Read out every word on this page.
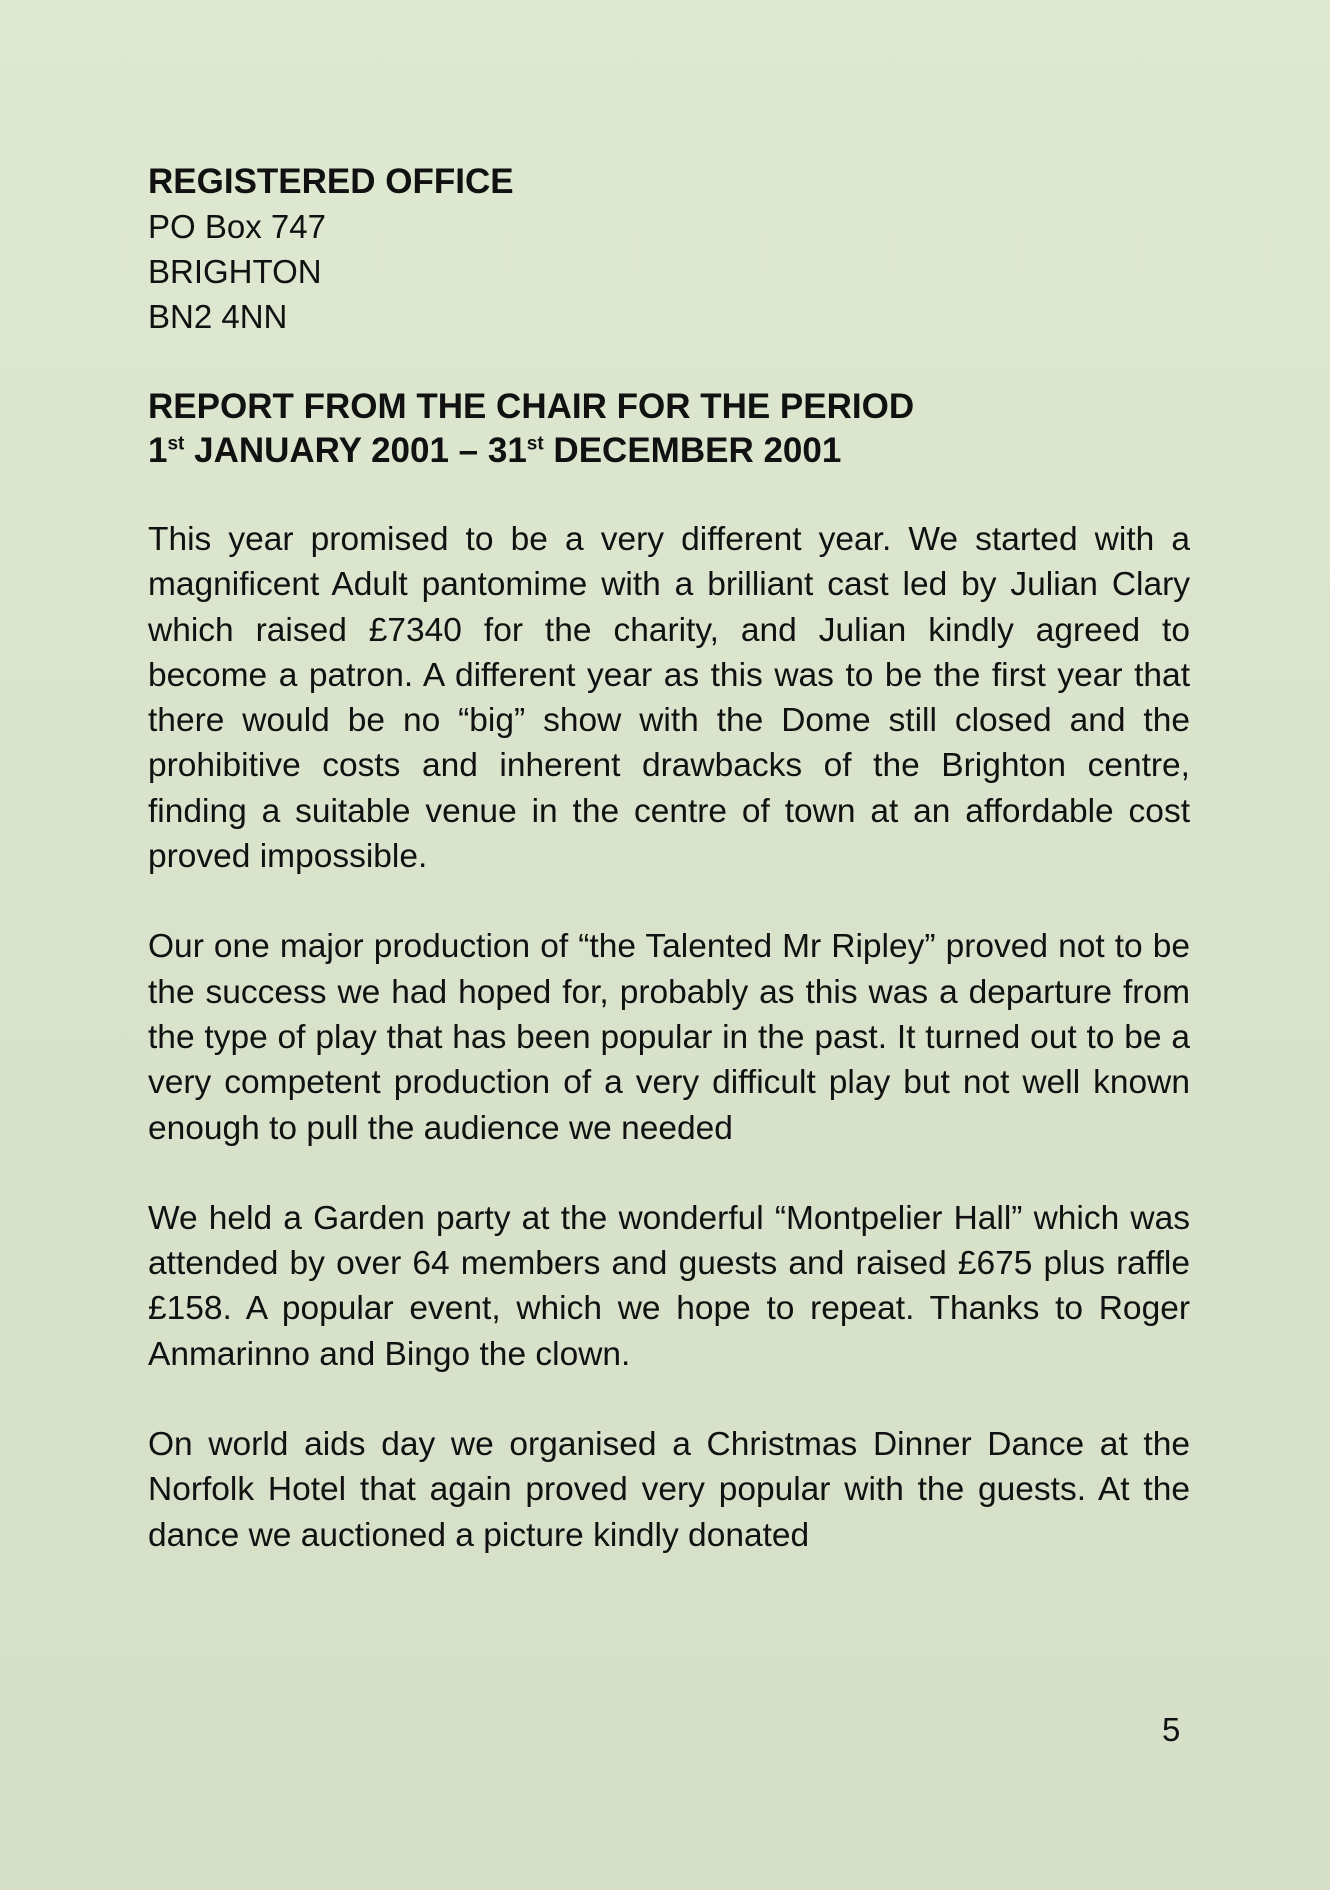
REGISTERED OFFICE

PO Box 747

BRIGHTON

BN2 4NN

REPORT FROM THE CHAIR FOR THE PERIOD
1st JANUARY 2001 – 31st DECEMBER 2001

This year promised to be a very different year. We started with a magnificent Adult pantomime with a brilliant cast led by Julian Clary which raised £7340 for the charity, and Julian kindly agreed to become a patron. A different year as this was to be the first year that there would be no “big” show with the Dome still closed and the prohibitive costs and inherent drawbacks of the Brighton centre, finding a suitable venue in the centre of town at an affordable cost proved impossible.

Our one major production of “the Talented Mr Ripley” proved not to be the success we had hoped for, probably as this was a departure from the type of play that has been popular in the past. It turned out to be a very competent production of a very difficult play but not well known enough to pull the audience we needed

We held a Garden party at the wonderful “Montpelier Hall” which was attended by over 64 members and guests and raised £675 plus raffle £158. A popular event, which we hope to repeat. Thanks to Roger Anmarinno and Bingo the clown.

On world aids day we organised a Christmas Dinner Dance at the Norfolk Hotel that again proved very popular with the guests. At the dance we auctioned a picture kindly donated

5
